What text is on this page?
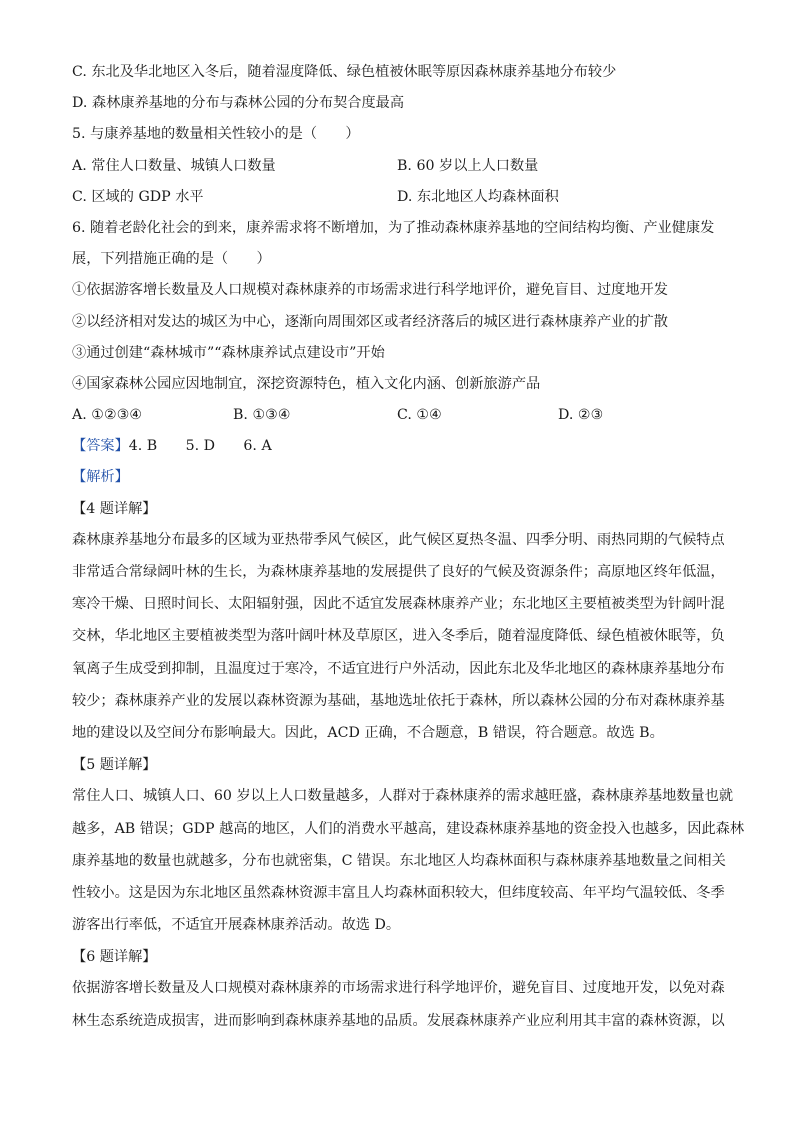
C. 东北及华北地区入冬后，随着湿度降低、绿色植被休眠等原因森林康养基地分布较少
D. 森林康养基地的分布与森林公园的分布契合度最高
5. 与康养基地的数量相关性较小的是（　　）
A. 常住人口数量、城镇人口数量	B. 60 岁以上人口数量
C. 区域的 GDP 水平	D. 东北地区人均森林面积
6. 随着老龄化社会的到来，康养需求将不断增加，为了推动森林康养基地的空间结构均衡、产业健康发
展，下列措施正确的是（　　）
①依据游客增长数量及人口规模对森林康养的市场需求进行科学地评价，避免盲目、过度地开发
②以经济相对发达的城区为中心，逐渐向周围郊区或者经济落后的城区进行森林康养产业的扩散
③通过创建“森林城市”“森林康养试点建设市”开始
④国家森林公园应因地制宜，深挖资源特色，植入文化内涵、创新旅游产品
A. ①②③④	B. ①③④	C. ①④	D. ②③
【答案】4. B　　5. D　　6. A
【解析】
【4 题详解】
森林康养基地分布最多的区域为亚热带季风气候区，此气候区夏热冬温、四季分明、雨热同期的气候特点
非常适合常绿阔叶林的生长，为森林康养基地的发展提供了良好的气候及资源条件；高原地区终年低温，
寒冷干燥、日照时间长、太阳辐射强，因此不适宜发展森林康养产业；东北地区主要植被类型为针阔叶混
交林，华北地区主要植被类型为落叶阔叶林及草原区，进入冬季后，随着湿度降低、绿色植被休眠等，负
氧离子生成受到抑制，且温度过于寒冷，不适宜进行户外活动，因此东北及华北地区的森林康养基地分布
较少；森林康养产业的发展以森林资源为基础，基地选址依托于森林，所以森林公园的分布对森林康养基
地的建设以及空间分布影响最大。因此，ACD 正确，不合题意，B 错误，符合题意。故选 B。
【5 题详解】
常住人口、城镇人口、60 岁以上人口数量越多，人群对于森林康养的需求越旺盛，森林康养基地数量也就
越多，AB 错误；GDP 越高的地区，人们的消费水平越高，建设森林康养基地的资金投入也越多，因此森林
康养基地的数量也就越多，分布也就密集，C 错误。东北地区人均森林面积与森林康养基地数量之间相关
性较小。这是因为东北地区虽然森林资源丰富且人均森林面积较大，但纬度较高、年平均气温较低、冬季
游客出行率低，不适宜开展森林康养活动。故选 D。
【6 题详解】
依据游客增长数量及人口规模对森林康养的市场需求进行科学地评价，避免盲目、过度地开发，以免对森
林生态系统造成损害，进而影响到森林康养基地的品质。发展森林康养产业应利用其丰富的森林资源，以
